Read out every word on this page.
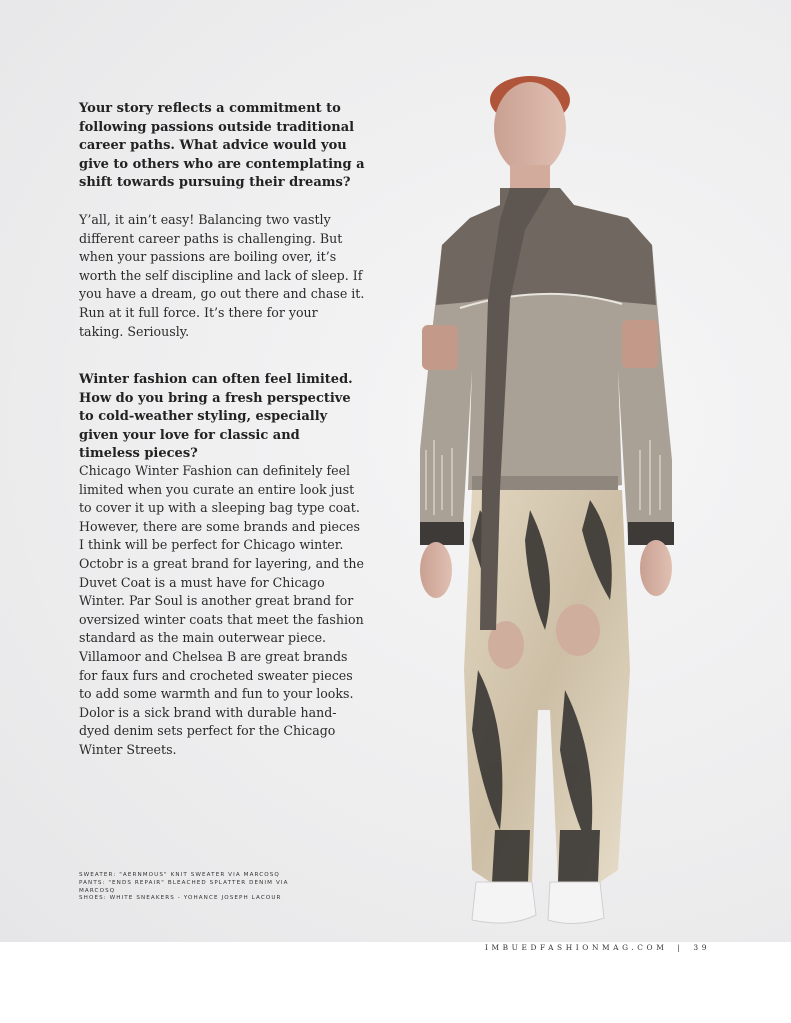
Your story reflects a commitment to following passions outside traditional career paths. What advice would you give to others who are contemplating a shift towards pursuing their dreams?

Y’all, it ain’t easy! Balancing two vastly different career paths is challenging. But when your passions are boiling over, it’s worth the self discipline and lack of sleep. If you have a dream, go out there and chase it. Run at it full force. It’s there for your taking. Seriously.

Winter fashion can often feel limited. How do you bring a fresh perspective to cold-weather styling, especially given your love for classic and timeless pieces?

Chicago Winter Fashion can definitely feel limited when you curate an entire look just to cover it up with a sleeping bag type coat. However, there are some brands and pieces I think will be perfect for Chicago winter. Octobr is a great brand for layering, and the Duvet Coat is a must have for Chicago Winter. Par Soul is another great brand for oversized winter coats that meet the fashion standard as the main outerwear piece. Villamoor and Chelsea B are great brands for faux furs and crocheted sweater pieces to add some warmth and fun to your looks. Dolor is a sick brand with durable hand-dyed denim sets perfect for the Chicago Winter Streets.

SWEATER: "AERNMOUS" KNIT SWEATER VIA MARCOSQ
PANTS: "ENDS REPAIR" BLEACHED SPLATTER DENIM VIA MARCOSQ
SHOES: WHITE SNEAKERS - YOHANCE JOSEPH LACOUR
IMBUEDFASHIONMAG.COM | 39
